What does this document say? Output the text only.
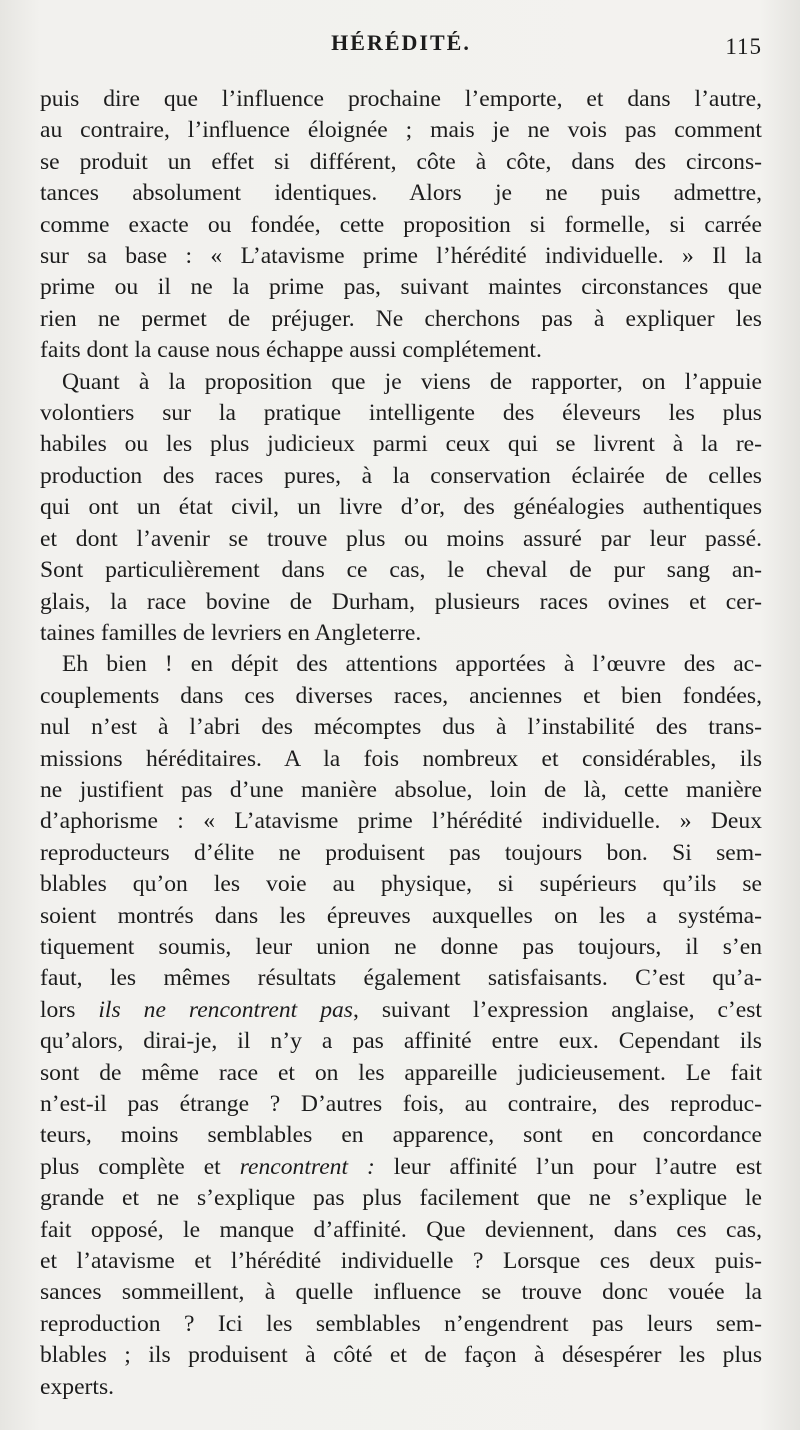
HÉRÉDITÉ.	115

puis dire que l’influence prochaine l’emporte, et dans l’autre,
au contraire, l’influence éloignée ; mais je ne vois pas comment
se produit un effet si différent, côte à côte, dans des circons-
tances absolument identiques. Alors je ne puis admettre,
comme exacte ou fondée, cette proposition si formelle, si carrée
sur sa base : « L’atavisme prime l’hérédité individuelle. » Il la
prime ou il ne la prime pas, suivant maintes circonstances que
rien ne permet de préjuger. Ne cherchons pas à expliquer les
faits dont la cause nous échappe aussi complétement.

Quant à la proposition que je viens de rapporter, on l’appuie
volontiers sur la pratique intelligente des éleveurs les plus
habiles ou les plus judicieux parmi ceux qui se livrent à la re-
production des races pures, à la conservation éclairée de celles
qui ont un état civil, un livre d’or, des généalogies authentiques
et dont l’avenir se trouve plus ou moins assuré par leur passé.
Sont particulièrement dans ce cas, le cheval de pur sang an-
glais, la race bovine de Durham, plusieurs races ovines et cer-
taines familles de levriers en Angleterre.

Eh bien ! en dépit des attentions apportées à l’œuvre des ac-
couplements dans ces diverses races, anciennes et bien fondées,
nul n’est à l’abri des mécomptes dus à l’instabilité des trans-
missions héréditaires. A la fois nombreux et considérables, ils
ne justifient pas d’une manière absolue, loin de là, cette manière
d’aphorisme : « L’atavisme prime l’hérédité individuelle. » Deux
reproducteurs d’élite ne produisent pas toujours bon. Si sem-
blables qu’on les voie au physique, si supérieurs qu’ils se
soient montrés dans les épreuves auxquelles on les a systéma-
tiquement soumis, leur union ne donne pas toujours, il s’en
faut, les mêmes résultats également satisfaisants. C’est qu’a-
lors ils ne rencontrent pas, suivant l’expression anglaise, c’est
qu’alors, dirai-je, il n’y a pas affinité entre eux. Cependant ils
sont de même race et on les appareille judicieusement. Le fait
n’est-il pas étrange ? D’autres fois, au contraire, des reproduc-
teurs, moins semblables en apparence, sont en concordance
plus complète et rencontrent : leur affinité l’un pour l’autre est
grande et ne s’explique pas plus facilement que ne s’explique le
fait opposé, le manque d’affinité. Que deviennent, dans ces cas,
et l’atavisme et l’hérédité individuelle ? Lorsque ces deux puis-
sances sommeillent, à quelle influence se trouve donc vouée la
reproduction ? Ici les semblables n’engendrent pas leurs sem-
blables ; ils produisent à côté et de façon à désespérer les plus
experts.
